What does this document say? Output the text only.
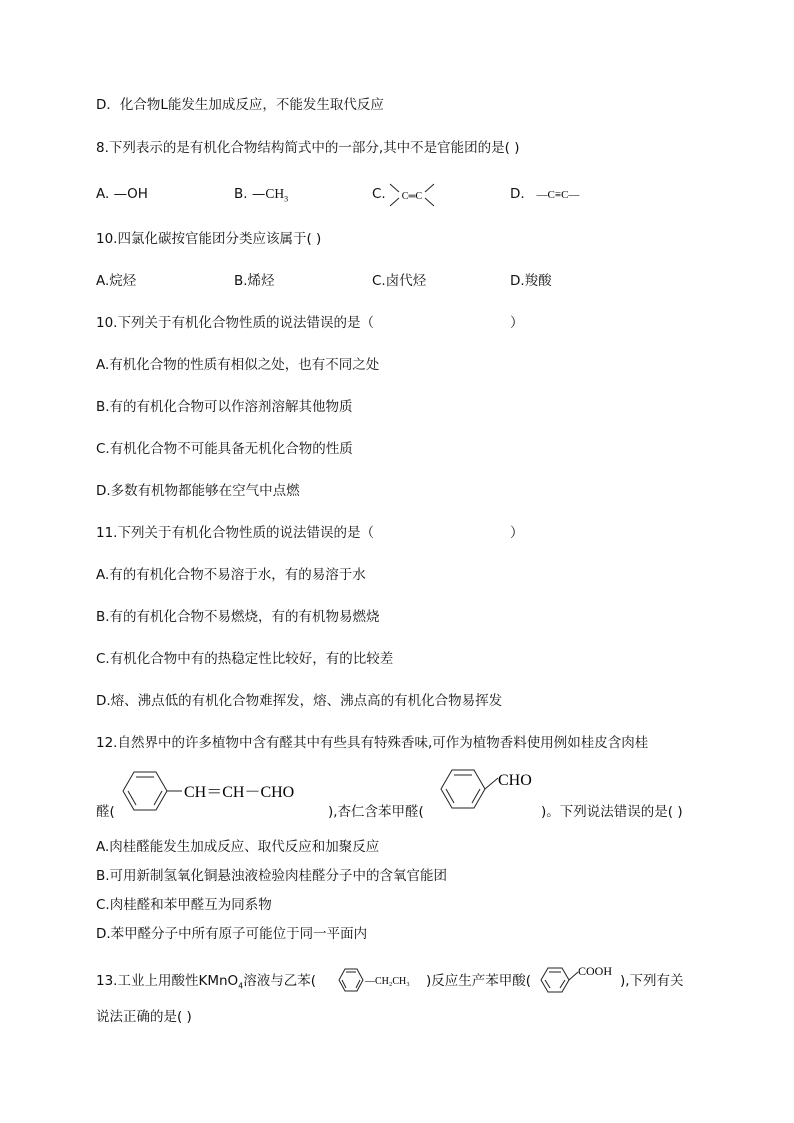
D．化合物L能发生加成反应，不能发生取代反应
8.下列表示的是有机化合物结构简式中的一部分,其中不是官能团的是( )
A. —OH	B. $—CH_3$	C. C═C	D. —C≡C—
10.四氯化碳按官能团分类应该属于( )
A.烷烃	B.烯烃	C.卤代烃	D.羧酸
10.下列关于有机化合物性质的说法错误的是（	）
A.有机化合物的性质有相似之处，也有不同之处
B.有的有机化合物可以作溶剂溶解其他物质
C.有机化合物不可能具备无机化合物的性质
D.多数有机物都能够在空气中点燃
11.下列关于有机化合物性质的说法错误的是（	）
A.有的有机化合物不易溶于水，有的易溶于水
B.有的有机化合物不易燃烧，有的有机物易燃烧
C.有机化合物中有的热稳定性比较好，有的比较差
D.熔、沸点低的有机化合物难挥发，熔、沸点高的有机化合物易挥发
12.自然界中的许多植物中含有醛其中有些具有特殊香味,可作为植物香料使用例如桂皮含肉桂
醛(
CH＝CH－CHO
),杏仁含苯甲醛(
CHO
)。下列说法错误的是( )
A.肉桂醛能发生加成反应、取代反应和加聚反应
B.可用新制氢氧化铜悬浊液检验肉桂醛分子中的含氧官能团
C.肉桂醛和苯甲醛互为同系物
D.苯甲醛分子中所有原子可能位于同一平面内
13.工业上用酸性KMnO$_4$溶液与乙苯(	—CH₂CH₃ )反应生产苯甲酸(
COOH
),下列有关
说法正确的是( )
